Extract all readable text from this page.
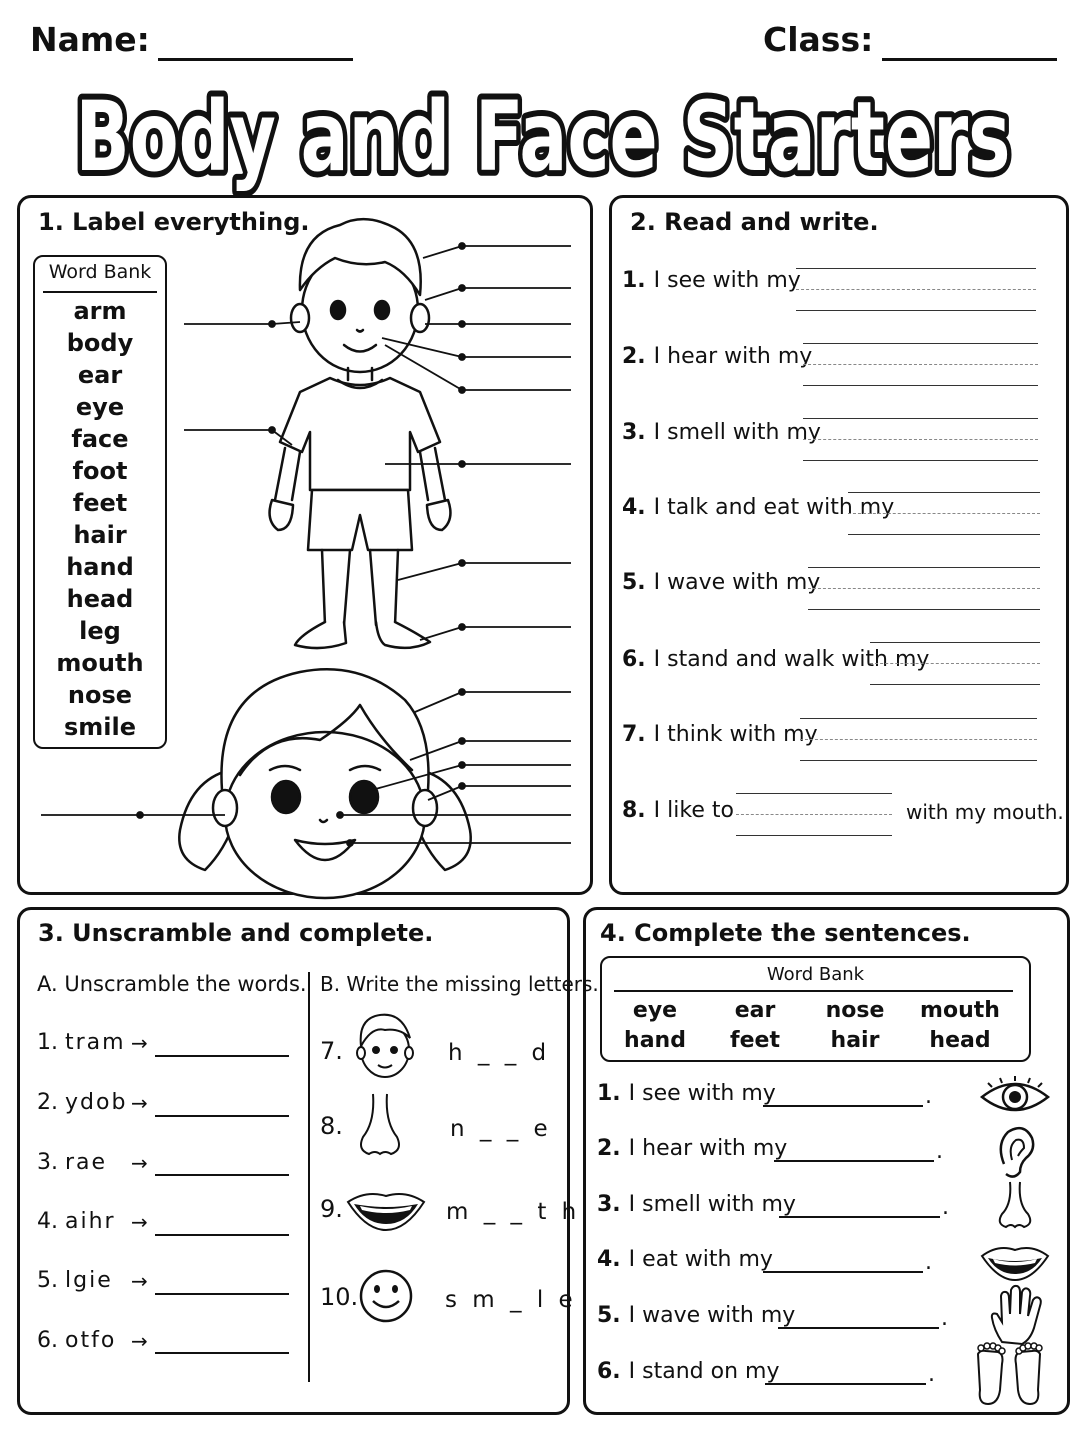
Name:	Class:
Body and Face Starters
1. Label everything.
Word Bank
arm
body
ear
eye
face
foot
feet
hair
hand
head
leg
mouth
nose
smile
2. Read and write.
1. I see with my
2. I hear with my
3. I smell with my
4. I talk and eat with my
5. I wave with my
6. I stand and walk with my
7. I think with my
8. I like to	with my mouth.
3. Unscramble and complete.
A. Unscramble the words. B. Write the missing letters.
1. tram →
2. ydob →
3. rae →
4. aihr →
5. lgie →
6. otfo →
7.	h _ _ d
8.	n _ _ e
9.	m _ _ t h
10.	s m _ l e
4. Complete the sentences.
Word Bank
eye	ear	nose	mouth
hand	feet	hair	head
1. I see with my	.
2. I hear with my	.
3. I smell with my	.
4. I eat with my	.
5. I wave with my	.
6. I stand on my	.
